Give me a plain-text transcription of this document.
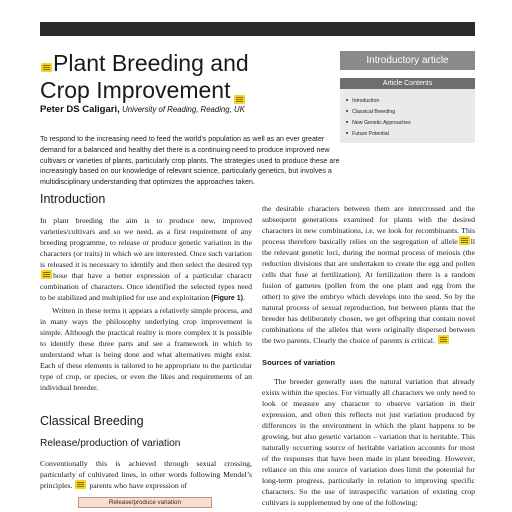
Plant Breeding and
Crop Improvement
Peter DS Caligari, University of Reading, Reading, UK

To respond to the increasing need to feed the world’s population as well as an ever greater demand for a balanced and healthy diet there is a continuing need to produce improved new cultivars or varieties of plants, particularly crop plants. The strategies used to produce these are increasingly based on our knowledge of relevant science, particularly genetics, but involves a multidisciplinary understanding that optimizes the approaches taken.

Introductory article
Article Contents
■ Introduction
■ Classical Breeding
■ New Genetic Approaches
■ Future Potential
Introduction

In plant breeding the aim is to produce new, improved varieties/cultivars and so we need, as a first requirement of any breeding programme, to release or produce genetic variation in the characters (or traits) in which we are interested. Once such variation is released it is necessary to identify and then select the desired typhose that have a better expression of a particular charactr combination of characters. Once identified the selected types need to be stabilized and multiplied for use and exploitation (Figure 1).

Written in these terms it appears a relatively simple process, and in many ways the philosophy underlying crop improvement is simple. Although the practical reality is more complex it is possible to identify these three parts and see a framework in which to understand what is being done and what alternatives might exist. Each of these elements is tailored to be appropriate to the particular type of crop, or species, or even the likes and requirements of an individual breeder.

Classical Breeding
Release/production of variation

Conventionally this is achieved through sexual crossing, particularly of cultivated lines, in other words following Mendel’s principles.  parents who have expression of

the desirable characters between them are intercrossed and the subsequent generations examined for plants with the desired characters in new combinations, i.e. we look for recombinants. This process therefore basically relies on the segregation of allele ll the relevant genetic loci, during the normal process of meiosis (the reduction divisions that are undertaken to create the egg and pollen cells that fuse at fertilization). At fertilization there is a random fusion of gametes (pollen from the one plant and egg from the other) to give the embryo which develops into the seed. So by the natural process of sexual reproduction, but between plants that the breeder has deliberately chosen, we get offspring that contain novel combinations of the alleles that were originally dispersed between the two parents. Clearly the choice of parents is critical.

Sources of variation

The breeder generally uses the natural variation that already exists within the species. For virtually all characters we only need to look or measure any character to observe variation in their expression, and often this reflects not just variation produced by differences in the environment in which the plant happens to be growing, but also genetic variation – variation that is heritable. This naturally occurring source of heritable variation accounts for most of the responses that have been made in plant breeding. However, reliance on this one source of variation does limit the potential for long-term progress, particularly in relation to improving specific characters. So the use of intraspecific variation of existing crop cultivars is supplemented by one of the following:

Release/produce variation
